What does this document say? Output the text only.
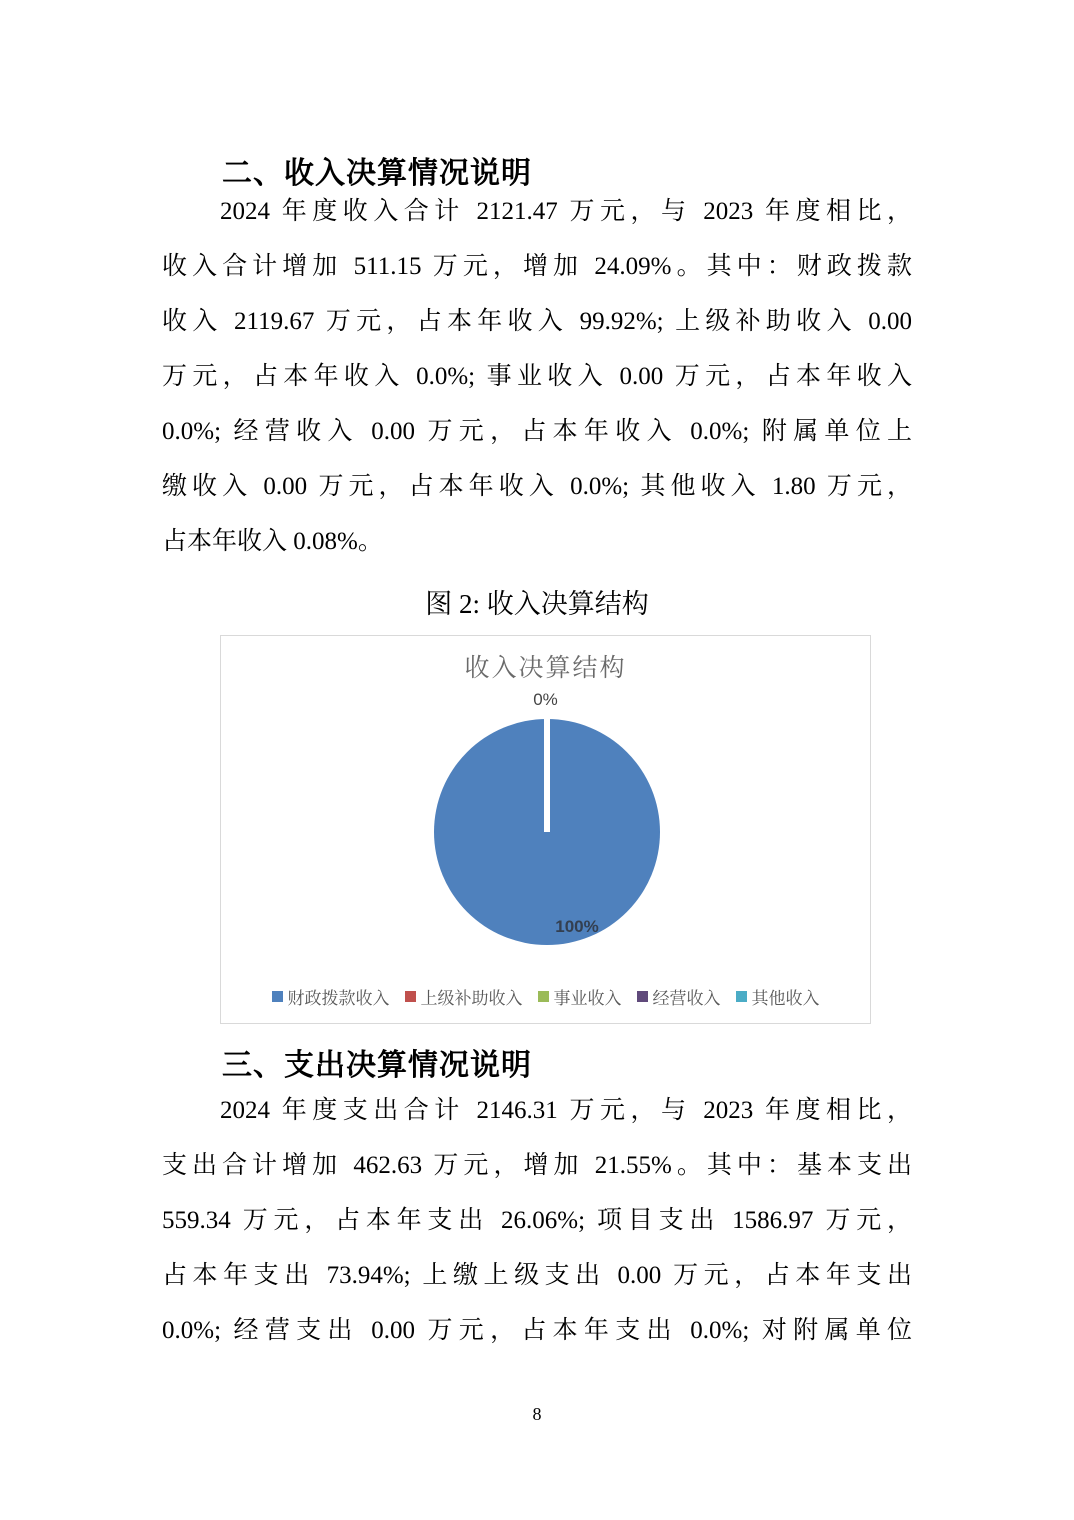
二、收入决算情况说明
2024 年度收入合计 2121.47 万元，与 2023 年度相比，
收入合计增加 511.15 万元，增加 24.09%。其中：财政拨款
收入 2119.67 万元，占本年收入 99.92%; 上级补助收入 0.00
万元，占本年收入 0.0%; 事业收入 0.00 万元，占本年收入
0.0%; 经营收入 0.00 万元，占本年收入 0.0%; 附属单位上
缴收入 0.00 万元，占本年收入 0.0%; 其他收入 1.80 万元，
占本年收入 0.08%。
图 2: 收入决算结构
收入决算结构
0%
100%
财政拨款收入 上级补助收入 事业收入 经营收入 其他收入
三、支出决算情况说明
2024 年度支出合计 2146.31 万元，与 2023 年度相比，
支出合计增加 462.63 万元，增加 21.55%。其中：基本支出
559.34 万元，占本年支出 26.06%; 项目支出 1586.97 万元，
占本年支出 73.94%; 上缴上级支出 0.00 万元，占本年支出
0.0%; 经营支出 0.00 万元，占本年支出 0.0%; 对附属单位
8
